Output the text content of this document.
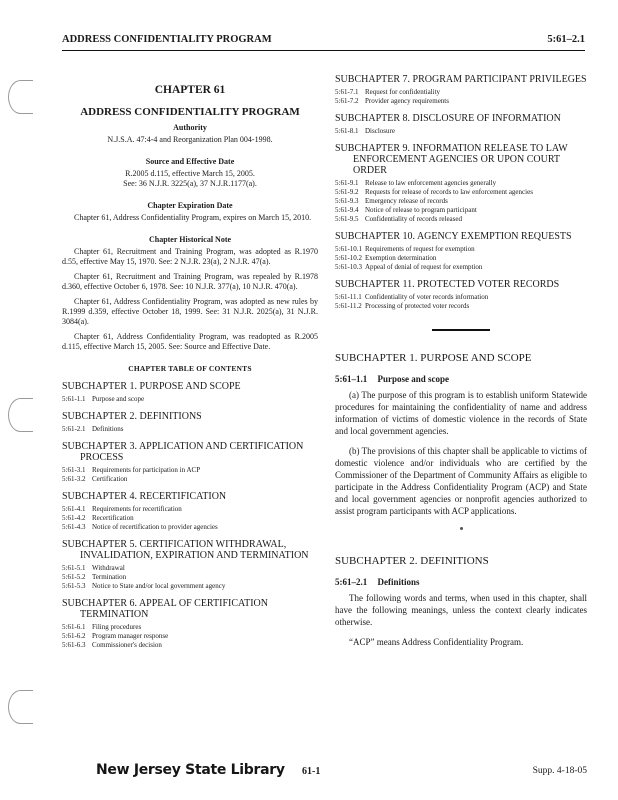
ADDRESS CONFIDENTIALITY PROGRAM	5:61–2.1
CHAPTER 61
ADDRESS CONFIDENTIALITY PROGRAM
Authority
N.J.S.A. 47:4-4 and Reorganization Plan 004-1998.
Source and Effective Date
R.2005 d.115, effective March 15, 2005.
See: 36 N.J.R. 3225(a), 37 N.J.R.1177(a).
Chapter Expiration Date

Chapter 61, Address Confidentiality Program, expires on March 15, 2010.

Chapter Historical Note

Chapter 61, Recruitment and Training Program, was adopted as R.1970 d.55, effective May 15, 1970. See: 2 N.J.R. 23(a), 2 N.J.R. 47(a).

Chapter 61, Recruitment and Training Program, was repealed by R.1978 d.360, effective October 6, 1978. See: 10 N.J.R. 377(a), 10 N.J.R. 470(a).

Chapter 61, Address Confidentiality Program, was adopted as new rules by R.1999 d.359, effective October 18, 1999. See: 31 N.J.R. 2025(a), 31 N.J.R. 3084(a).

Chapter 61, Address Confidentiality Program, was readopted as R.2005 d.115, effective March 15, 2005. See: Source and Effective Date.

CHAPTER TABLE OF CONTENTS

SUBCHAPTER 1. PURPOSE AND SCOPE

5:61-1.1 Purpose and scope

SUBCHAPTER 2. DEFINITIONS

5:61-2.1 Definitions

SUBCHAPTER 3. APPLICATION AND CERTIFICATION PROCESS

5:61-3.1 Requirements for participation in ACP
5:61-3.2 Certification

SUBCHAPTER 4. RECERTIFICATION

5:61-4.1 Requirements for recertification
5:61-4.2 Recertification
5:61-4.3 Notice of recertification to provider agencies

SUBCHAPTER 5. CERTIFICATION WITHDRAWAL, INVALIDATION, EXPIRATION AND TERMINATION

5:61-5.1 Withdrawal
5:61-5.2 Termination
5:61-5.3 Notice to State and/or local government agency

SUBCHAPTER 6. APPEAL OF CERTIFICATION TERMINATION

5:61-6.1 Filing procedures
5:61-6.2 Program manager response
5:61-6.3 Commissioner's decision

SUBCHAPTER 7. PROGRAM PARTICIPANT PRIVILEGES

5:61-7.1 Request for confidentiality
5:61-7.2 Provider agency requirements

SUBCHAPTER 8. DISCLOSURE OF INFORMATION

5:61-8.1 Disclosure

SUBCHAPTER 9. INFORMATION RELEASE TO LAW ENFORCEMENT AGENCIES OR UPON COURT ORDER

5:61-9.1 Release to law enforcement agencies generally
5:61-9.2 Requests for release of records to law enforcement agencies
5:61-9.3 Emergency release of records
5:61-9.4 Notice of release to program participant
5:61-9.5 Confidentiality of records released

SUBCHAPTER 10. AGENCY EXEMPTION REQUESTS

5:61-10.1 Requirements of request for exemption
5:61-10.2 Exemption determination
5:61-10.3 Appeal of denial of request for exemption

SUBCHAPTER 11. PROTECTED VOTER RECORDS

5:61-11.1 Confidentiality of voter records information
5:61-11.2 Processing of protected voter records

SUBCHAPTER 1. PURPOSE AND SCOPE

5:61–1.1 Purpose and scope

(a) The purpose of this program is to establish uniform Statewide procedures for maintaining the confidentiality of name and address information of victims of domestic violence in the records of State and local government agencies.

(b) The provisions of this chapter shall be applicable to victims of domestic violence and/or individuals who are certified by the Commissioner of the Department of Community Affairs as eligible to participate in the Address Confidentiality Program (ACP) and State and local government agencies or nonprofit agencies authorized to assist program participants with ACP applications.

SUBCHAPTER 2. DEFINITIONS

5:61–2.1 Definitions

The following words and terms, when used in this chapter, shall have the following meanings, unless the context clearly indicates otherwise.

“ACP” means Address Confidentiality Program.

New Jersey State Library 61-1	Supp. 4-18-05
